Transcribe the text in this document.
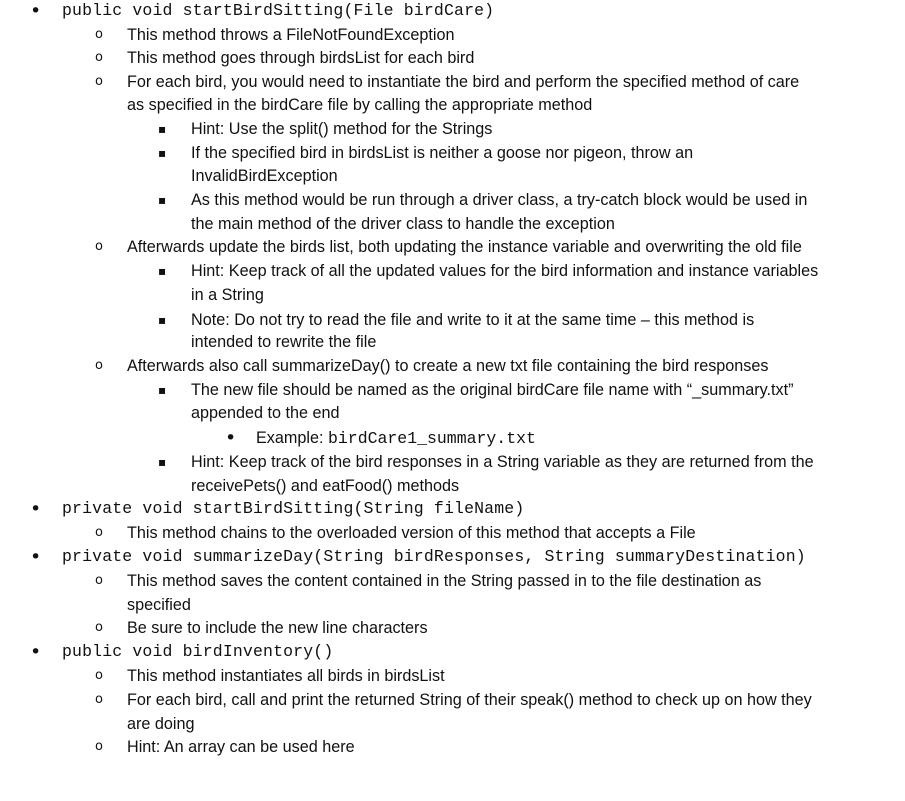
• public void startBirdSitting(File birdCare)
o This method throws a FileNotFoundException
o This method goes through birdsList for each bird
o For each bird, you would need to instantiate the bird and perform the specified method of care
as specified in the birdCare file by calling the appropriate method
▪ Hint: Use the split() method for the Strings
▪ If the specified bird in birdsList is neither a goose nor pigeon, throw an
InvalidBirdException
▪ As this method would be run through a driver class, a try-catch block would be used in
the main method of the driver class to handle the exception
o Afterwards update the birds list, both updating the instance variable and overwriting the old file
▪ Hint: Keep track of all the updated values for the bird information and instance variables
in a String
▪ Note: Do not try to read the file and write to it at the same time – this method is
intended to rewrite the file
o Afterwards also call summarizeDay() to create a new txt file containing the bird responses
▪ The new file should be named as the original birdCare file name with “_summary.txt”
appended to the end
• Example: birdCare1_summary.txt
▪ Hint: Keep track of the bird responses in a String variable as they are returned from the
receivePets() and eatFood() methods
• private void startBirdSitting(String fileName)
o This method chains to the overloaded version of this method that accepts a File
• private void summarizeDay(String birdResponses, String summaryDestination)
o This method saves the content contained in the String passed in to the file destination as
specified
o Be sure to include the new line characters
• public void birdInventory()
o This method instantiates all birds in birdsList
o For each bird, call and print the returned String of their speak() method to check up on how they
are doing
o Hint: An array can be used here
